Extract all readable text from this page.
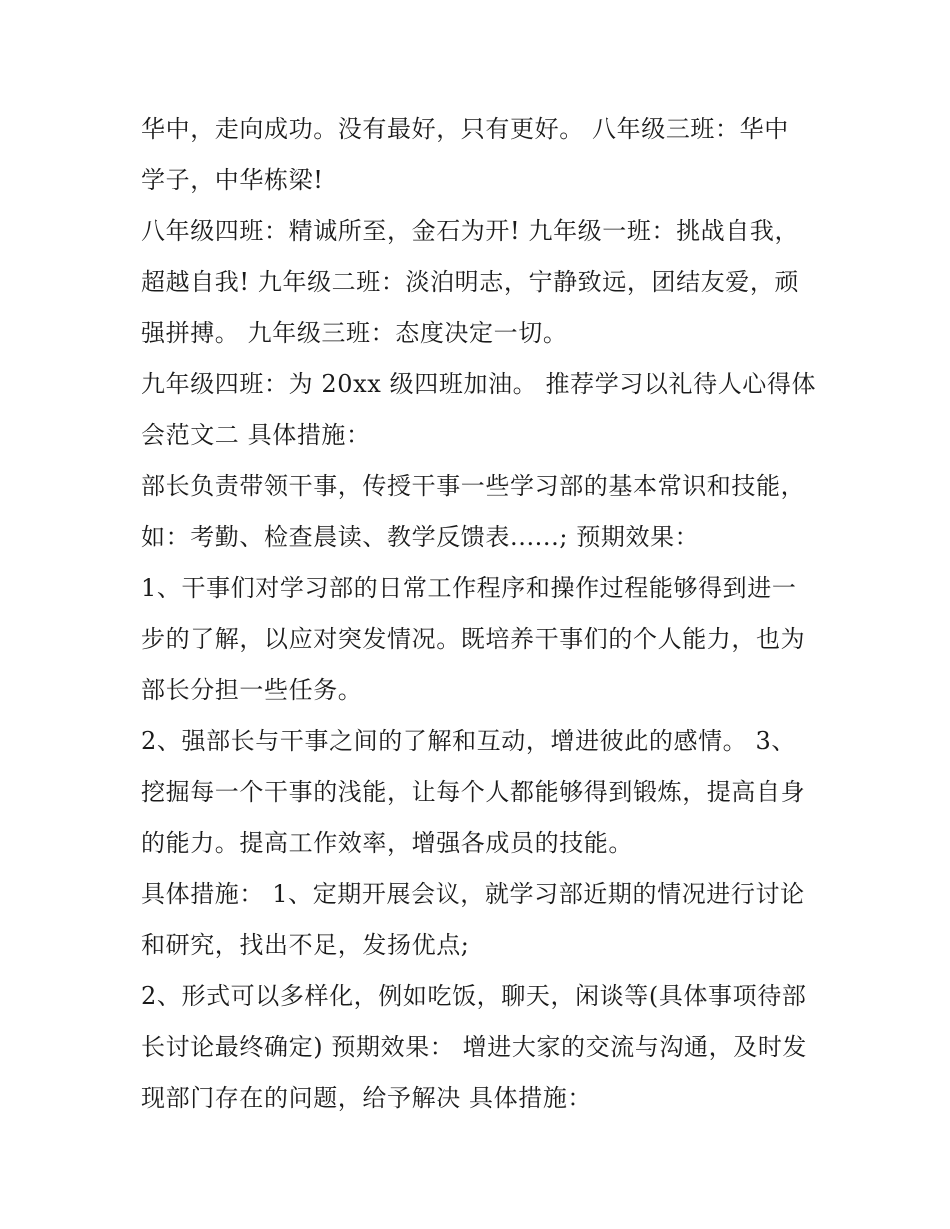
华中，走向成功。没有最好，只有更好。 八年级三班：华中
学子，中华栋梁!
八年级四班：精诚所至，金石为开! 九年级一班：挑战自我，
超越自我! 九年级二班：淡泊明志，宁静致远，团结友爱，顽
强拼搏。 九年级三班：态度决定一切。
九年级四班：为 20xx 级四班加油。 推荐学习以礼待人心得体
会范文二 具体措施：
部长负责带领干事，传授干事一些学习部的基本常识和技能，
如：考勤、检查晨读、教学反馈表......; 预期效果：
1、干事们对学习部的日常工作程序和操作过程能够得到进一
步的了解，以应对突发情况。既培养干事们的个人能力，也为
部长分担一些任务。
2、强部长与干事之间的了解和互动，增进彼此的感情。 3、
挖掘每一个干事的浅能，让每个人都能够得到锻炼，提高自身
的能力。提高工作效率，增强各成员的技能。
具体措施： 1、定期开展会议，就学习部近期的情况进行讨论
和研究，找出不足，发扬优点;
2、形式可以多样化，例如吃饭，聊天，闲谈等(具体事项待部
长讨论最终确定) 预期效果： 增进大家的交流与沟通，及时发
现部门存在的问题，给予解决 具体措施：
